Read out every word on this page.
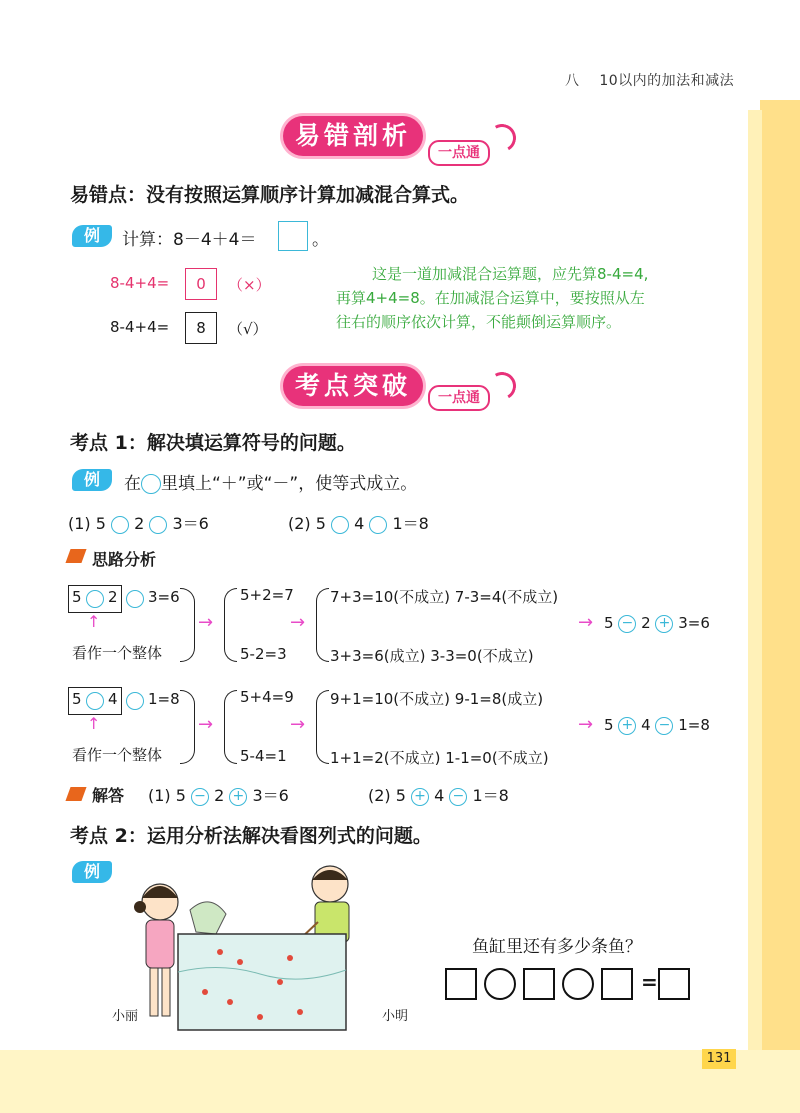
八 10以内的加法和减法
易错剖析
一点通
易错点：没有按照运算顺序计算加减混合算式。
例	计算：8－4＋4＝	。
8-4+4=	0	（×）
8-4+4=	8	（√）
这是一道加减混合运算题，应先算8-4=4,
再算4+4=8。在加减混合运算中，要按照从左
往右的顺序依次计算，不能颠倒运算顺序。
考点突破	一点通
考点 1：解决填运算符号的问题。
例	在 里填上“＋”或“－”，使等式成立。
(1) 5 2 3＝6	(2) 5 4 1＝8
思路分析
5 2 3=6
↑
看作一个整体
→
5+2=7
5-2=3
→
7+3=10(不成立) 7-3=4(不成立)
3+3=6(成立) 3-3=0(不成立)
→ 5 − 2 + 3=6
5 4 1=8
↑
看作一个整体
→
5+4=9
5-4=1
→
9+1=10(不成立) 9-1=8(成立)
1+1=2(不成立) 1-1=0(不成立)
→ 5 + 4 − 1=8
解答 (1) 5 − 2 + 3＝6	(2) 5 + 4 − 1＝8
考点 2：运用分析法解决看图列式的问题。
例
小丽	小明
鱼缸里还有多少条鱼？
=
131
